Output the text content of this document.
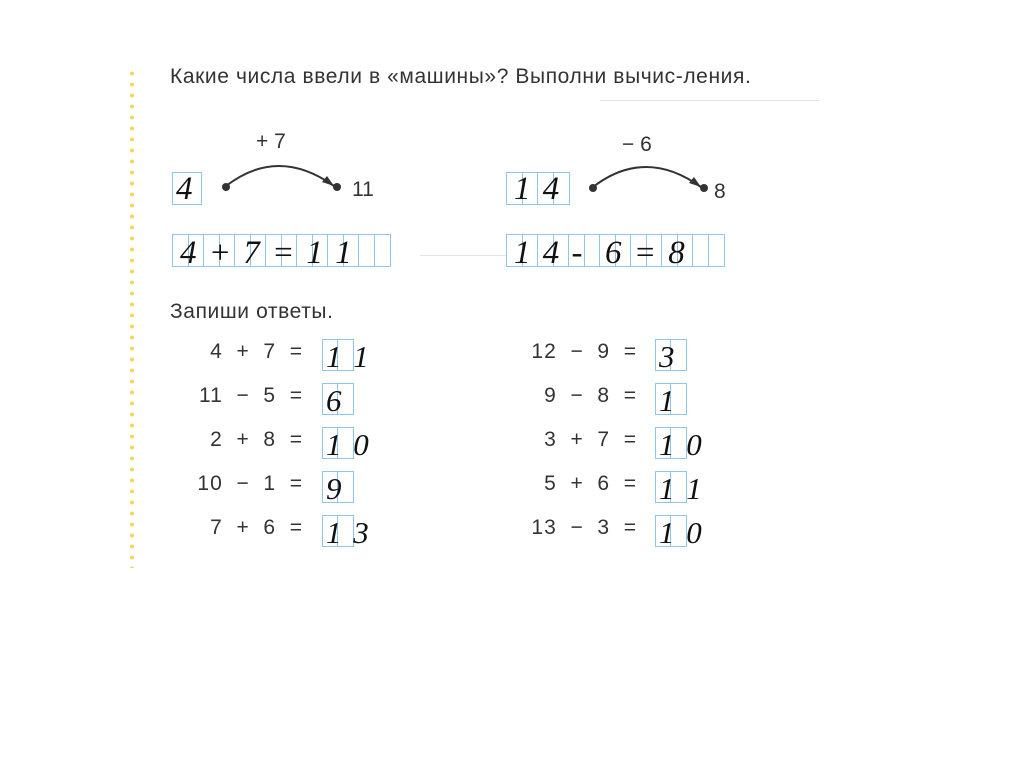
Какие числа ввели в «машины»? Выполни вычис-ления.
+ 7	− 6
11	8
4	1 4
4 + 7 = 1 1	1 4 -  6 = 8
Запиши ответы.
4  +  7  = 1 1
11  −  5  = 6
2  +  8  = 1 0
10  −  1  = 9
7  +  6  = 1 3
12  −  9  = 3
9  −  8  = 1
3  +  7  = 1 0
5  +  6  = 1 1
13  −  3  = 1 0
